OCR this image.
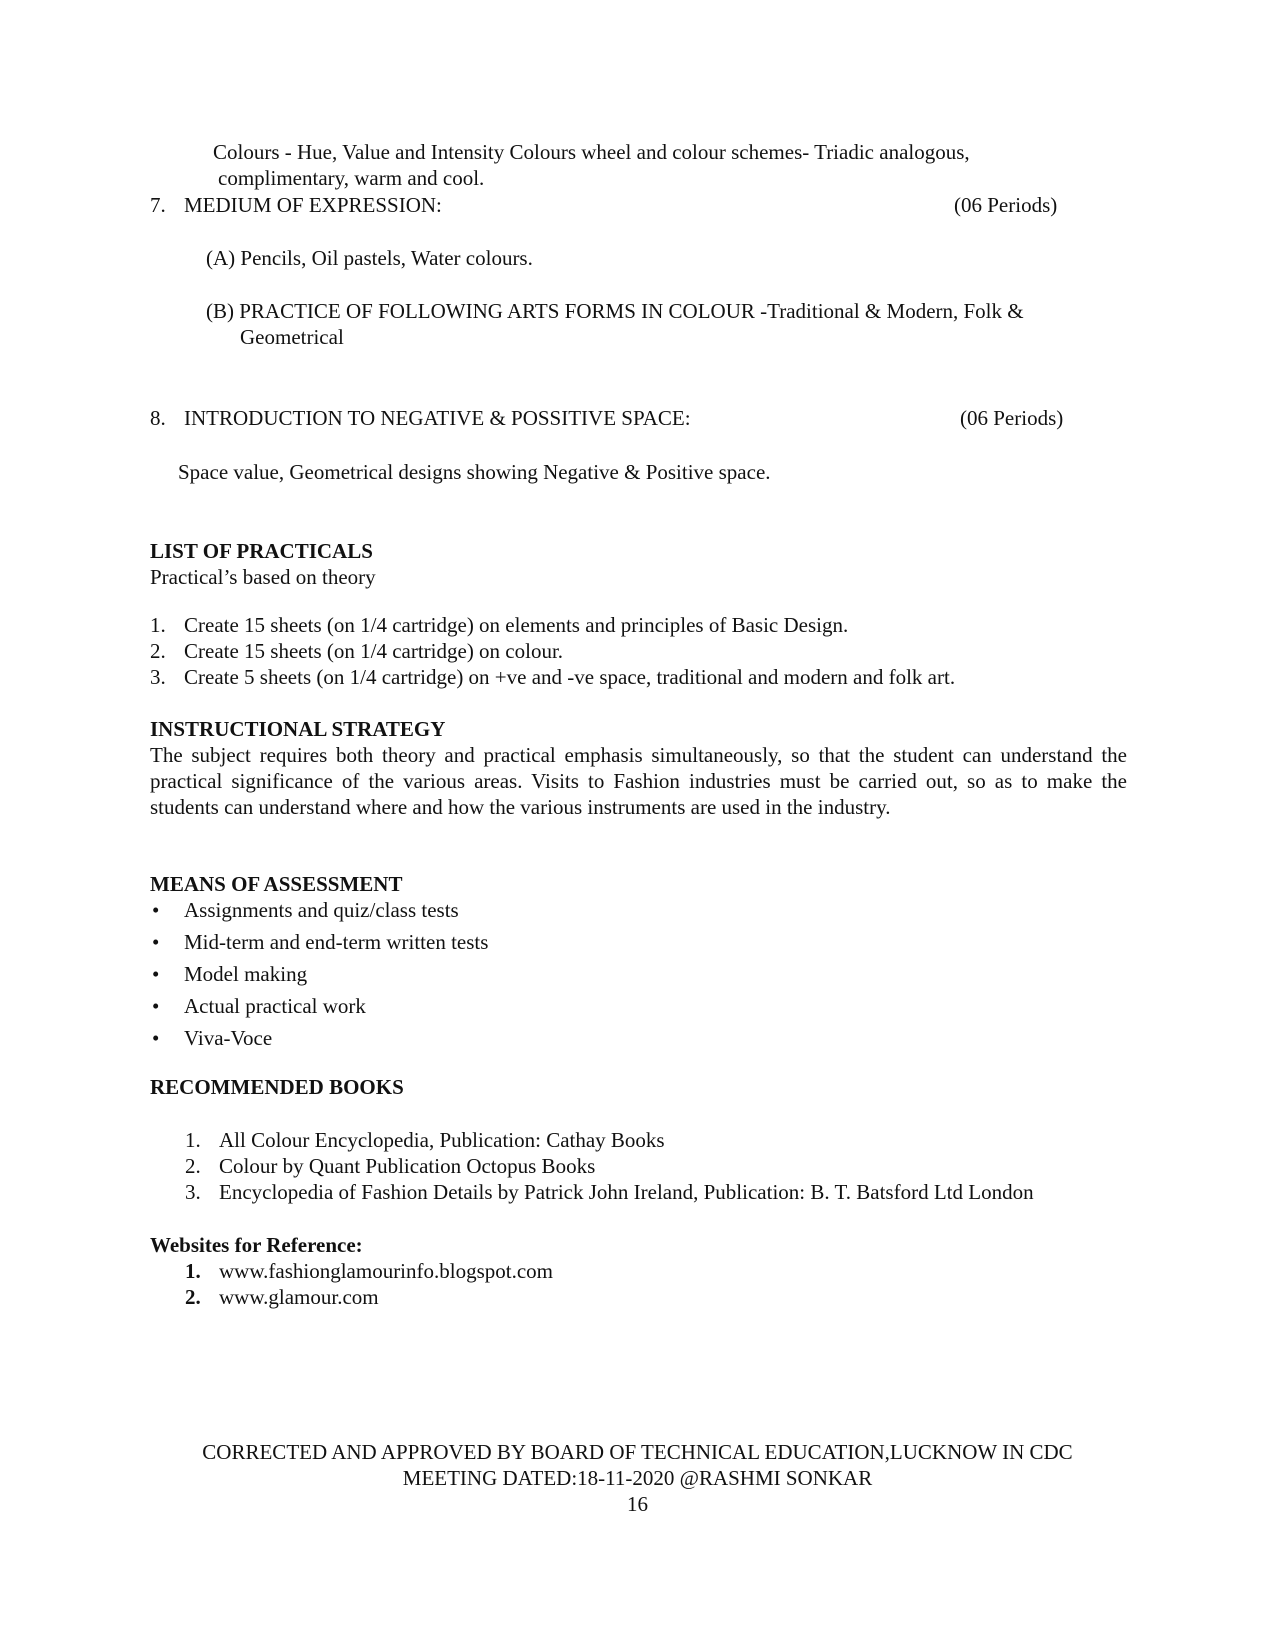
Colours - Hue, Value and Intensity Colours wheel and colour schemes- Triadic analogous,
complimentary, warm and cool.
7. MEDIUM OF EXPRESSION:	(06 Periods)
(A) Pencils, Oil pastels, Water colours.
(B) PRACTICE OF FOLLOWING ARTS FORMS IN COLOUR -Traditional & Modern, Folk &
Geometrical
8. INTRODUCTION TO NEGATIVE & POSSITIVE SPACE:	(06 Periods)
Space value, Geometrical designs showing Negative & Positive space.
LIST OF PRACTICALS
Practical’s based on theory
1. Create 15 sheets (on 1/4 cartridge) on elements and principles of Basic Design.
2. Create 15 sheets (on 1/4 cartridge) on colour.
3. Create 5 sheets (on 1/4 cartridge) on +ve and -ve space, traditional and modern and folk art.
INSTRUCTIONAL STRATEGY
The subject requires both theory and practical emphasis simultaneously, so that the student can understand the practical significance of the various areas. Visits to Fashion industries must be carried out, so as to make the students can understand where and how the various instruments are used in the industry.
MEANS OF ASSESSMENT
• Assignments and quiz/class tests
• Mid-term and end-term written tests
• Model making
• Actual practical work
• Viva-Voce
RECOMMENDED BOOKS
1. All Colour Encyclopedia, Publication: Cathay Books
2. Colour by Quant Publication Octopus Books
3. Encyclopedia of Fashion Details by Patrick John Ireland, Publication: B. T. Batsford Ltd London
Websites for Reference:
1. www.fashionglamourinfo.blogspot.com
2. www.glamour.com
CORRECTED AND APPROVED BY BOARD OF TECHNICAL EDUCATION,LUCKNOW IN CDC
MEETING DATED:18-11-2020 @RASHMI SONKAR
16
